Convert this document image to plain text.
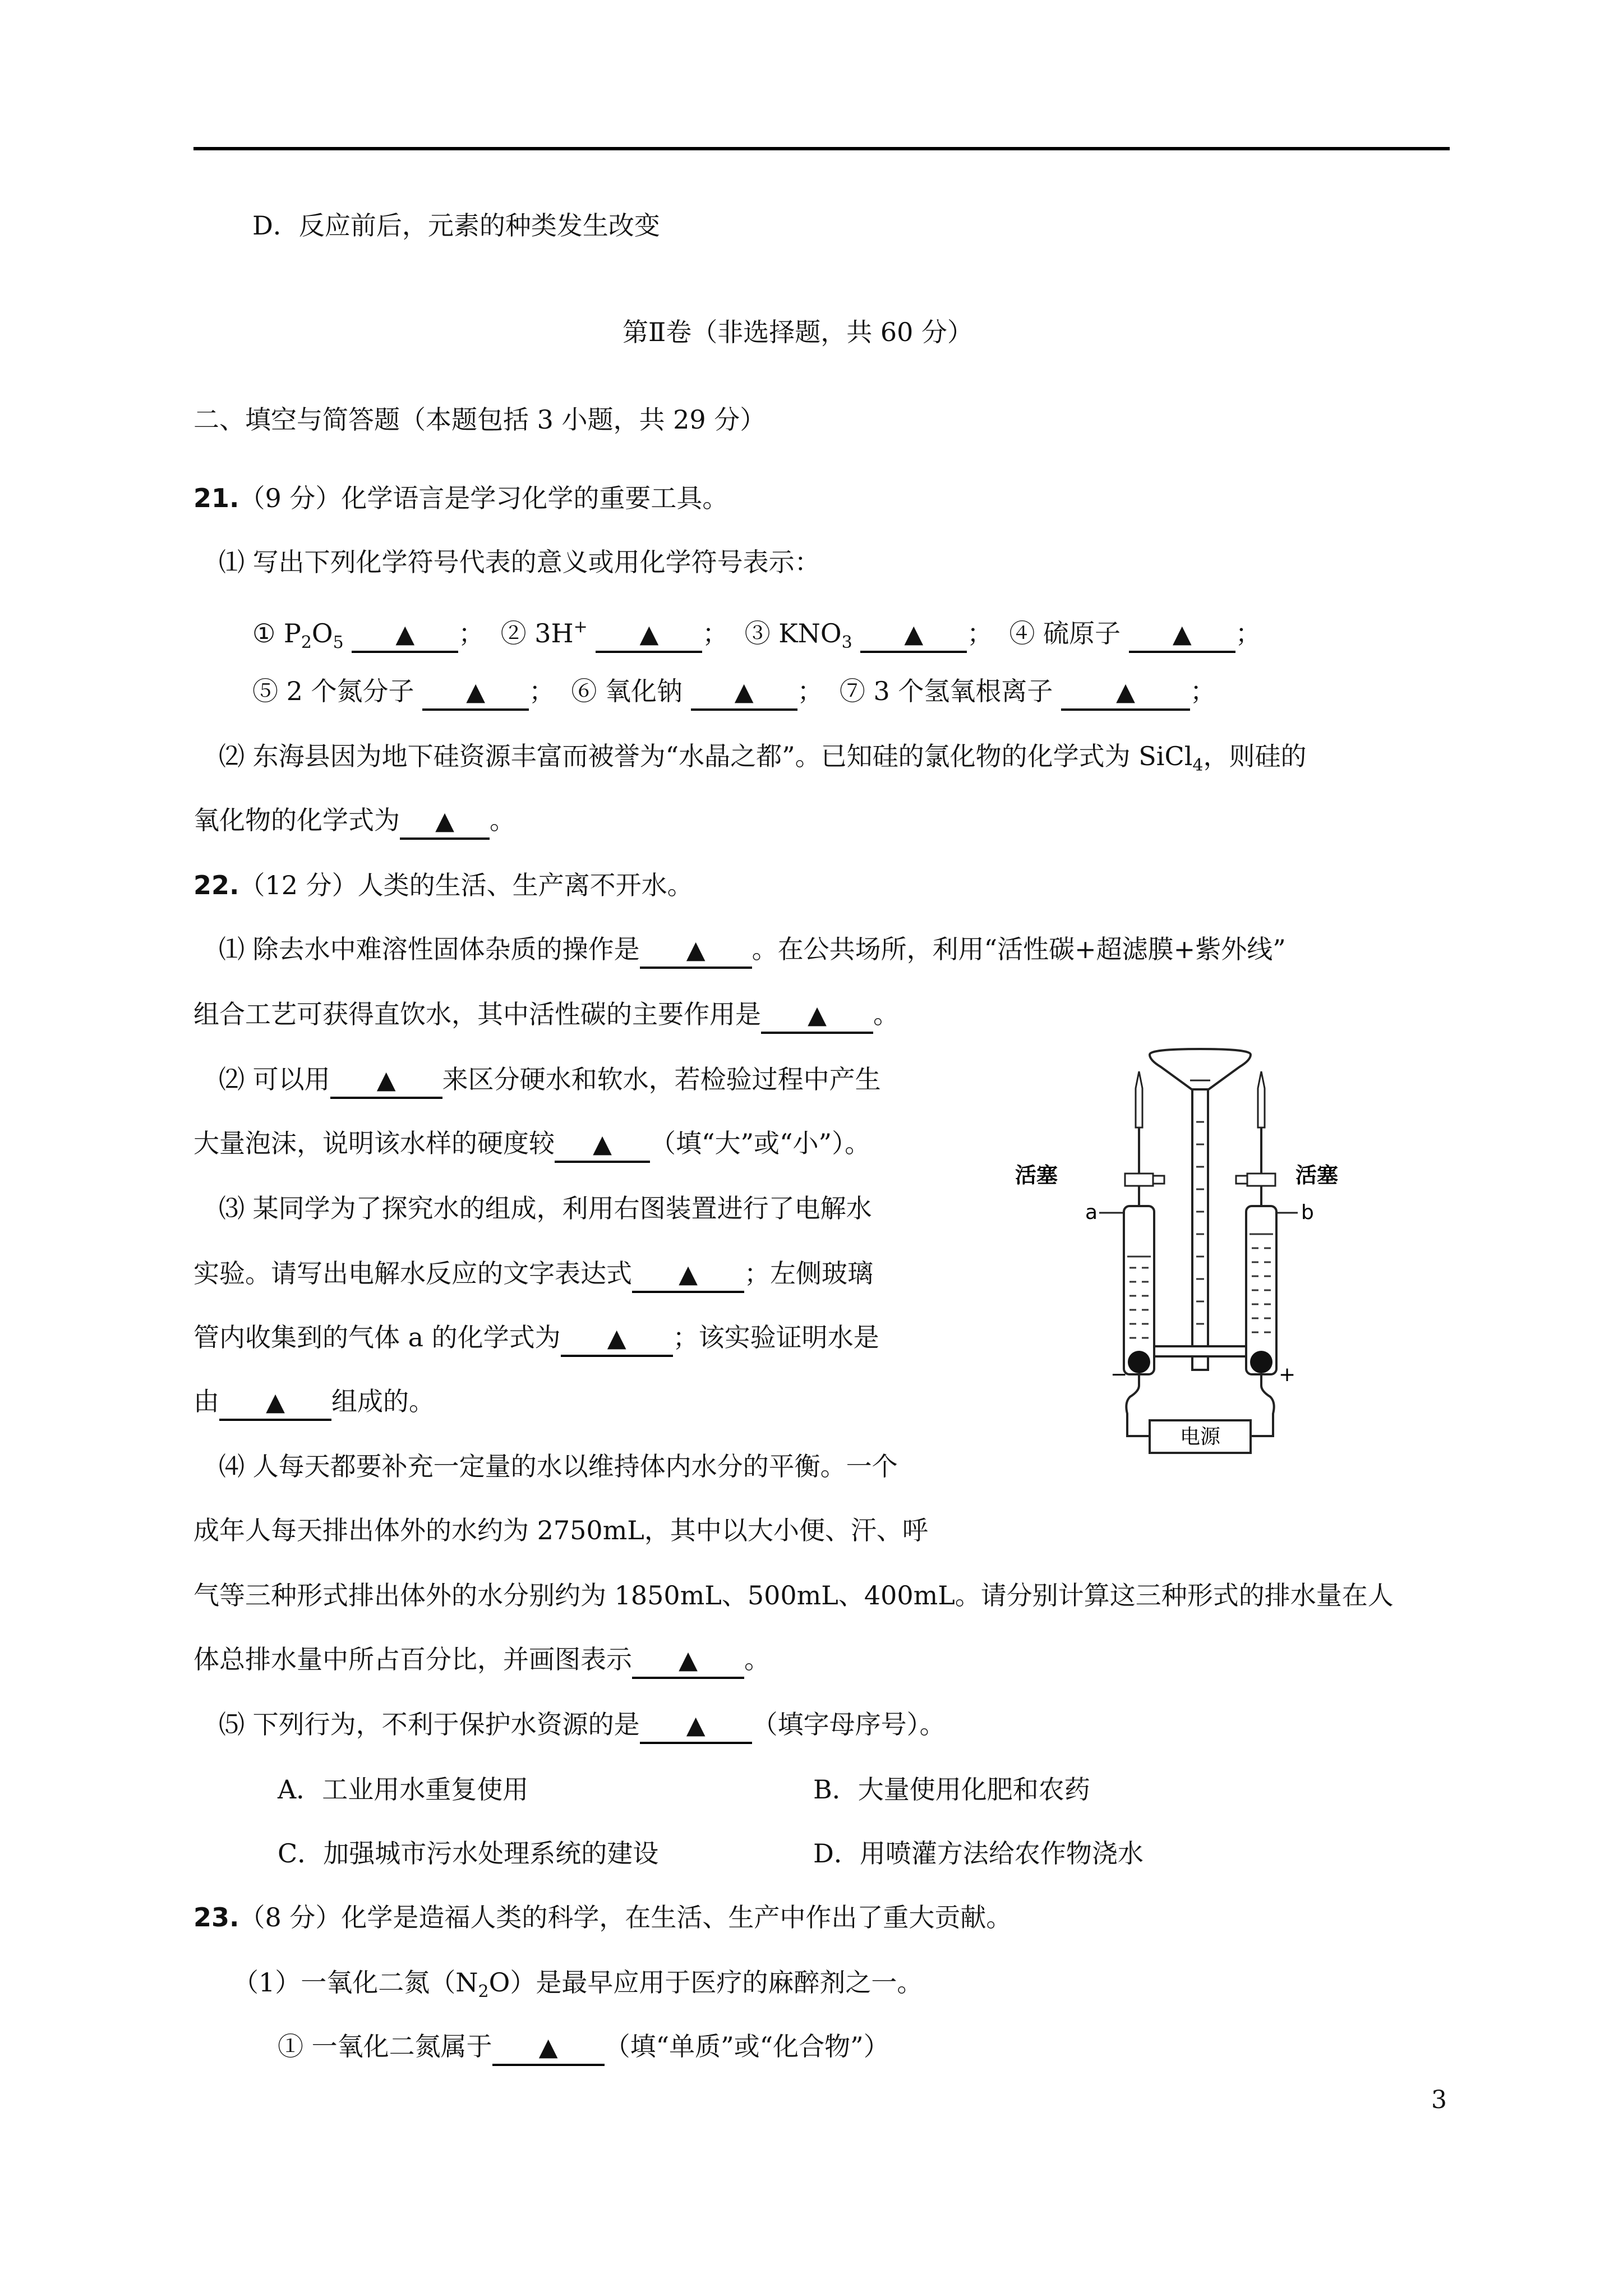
D．反应前后，元素的种类发生改变
第Ⅱ卷（非选择题，共 60 分）
二、填空与简答题（本题包括 3 小题，共 29 分）
21.（9 分）化学语言是学习化学的重要工具。
⑴ 写出下列化学符号代表的意义或用化学符号表示：
① $P_2O_5$ ▲ ； ② 3H+ ▲ ； ③ $KNO_3$ ▲ ； ④ 硫原子 ▲ ；
⑤ 2 个氮分子 ▲ ； ⑥ 氧化钠 ▲ ； ⑦ 3 个氢氧根离子	▲ ；
⑵ 东海县因为地下硅资源丰富而被誉为“水晶之都”。已知硅的氯化物的化学式为 SiCl$_4$，则硅的
氧化物的化学式为 ▲ 。
22.（12 分）人类的生活、生产离不开水。
⑴ 除去水中难溶性固体杂质的操作是 ▲ 。在公共场所，利用“活性碳+超滤膜+紫外线”
组合工艺可获得直饮水，其中活性碳的主要作用是 ▲ 。
⑵ 可以用 ▲ 来区分硬水和软水，若检验过程中产生
大量泡沫，说明该水样的硬度较 ▲ （填“大”或“小”）。
⑶ 某同学为了探究水的组成，利用右图装置进行了电解水
实验。请写出电解水反应的文字表达式 ▲ ；左侧玻璃
管内收集到的气体 a 的化学式为 ▲ ；该实验证明水是
由 ▲ 组成的。
⑷ 人每天都要补充一定量的水以维持体内水分的平衡。一个
成年人每天排出体外的水约为 2750mL，其中以大小便、汗、呼
气等三种形式排出体外的水分别约为 1850mL、500mL、400mL。请分别计算这三种形式的排水量在人
体总排水量中所占百分比，并画图表示 ▲ 。
⑸ 下列行为，不利于保护水资源的是 ▲ （填字母序号）。
A．工业用水重复使用	B．大量使用化肥和农药
C．加强城市污水处理系统的建设	D．用喷灌方法给农作物浇水
23.（8 分）化学是造福人类的科学，在生活、生产中作出了重大贡献。
（1）一氧化二氮$(N_2O)$是最早应用于医疗的麻醉剂之一。
① 一氧化二氮属于 ▲ （填“单质”或“化合物”）
3
电源
活塞	活塞
a	b
−	+
